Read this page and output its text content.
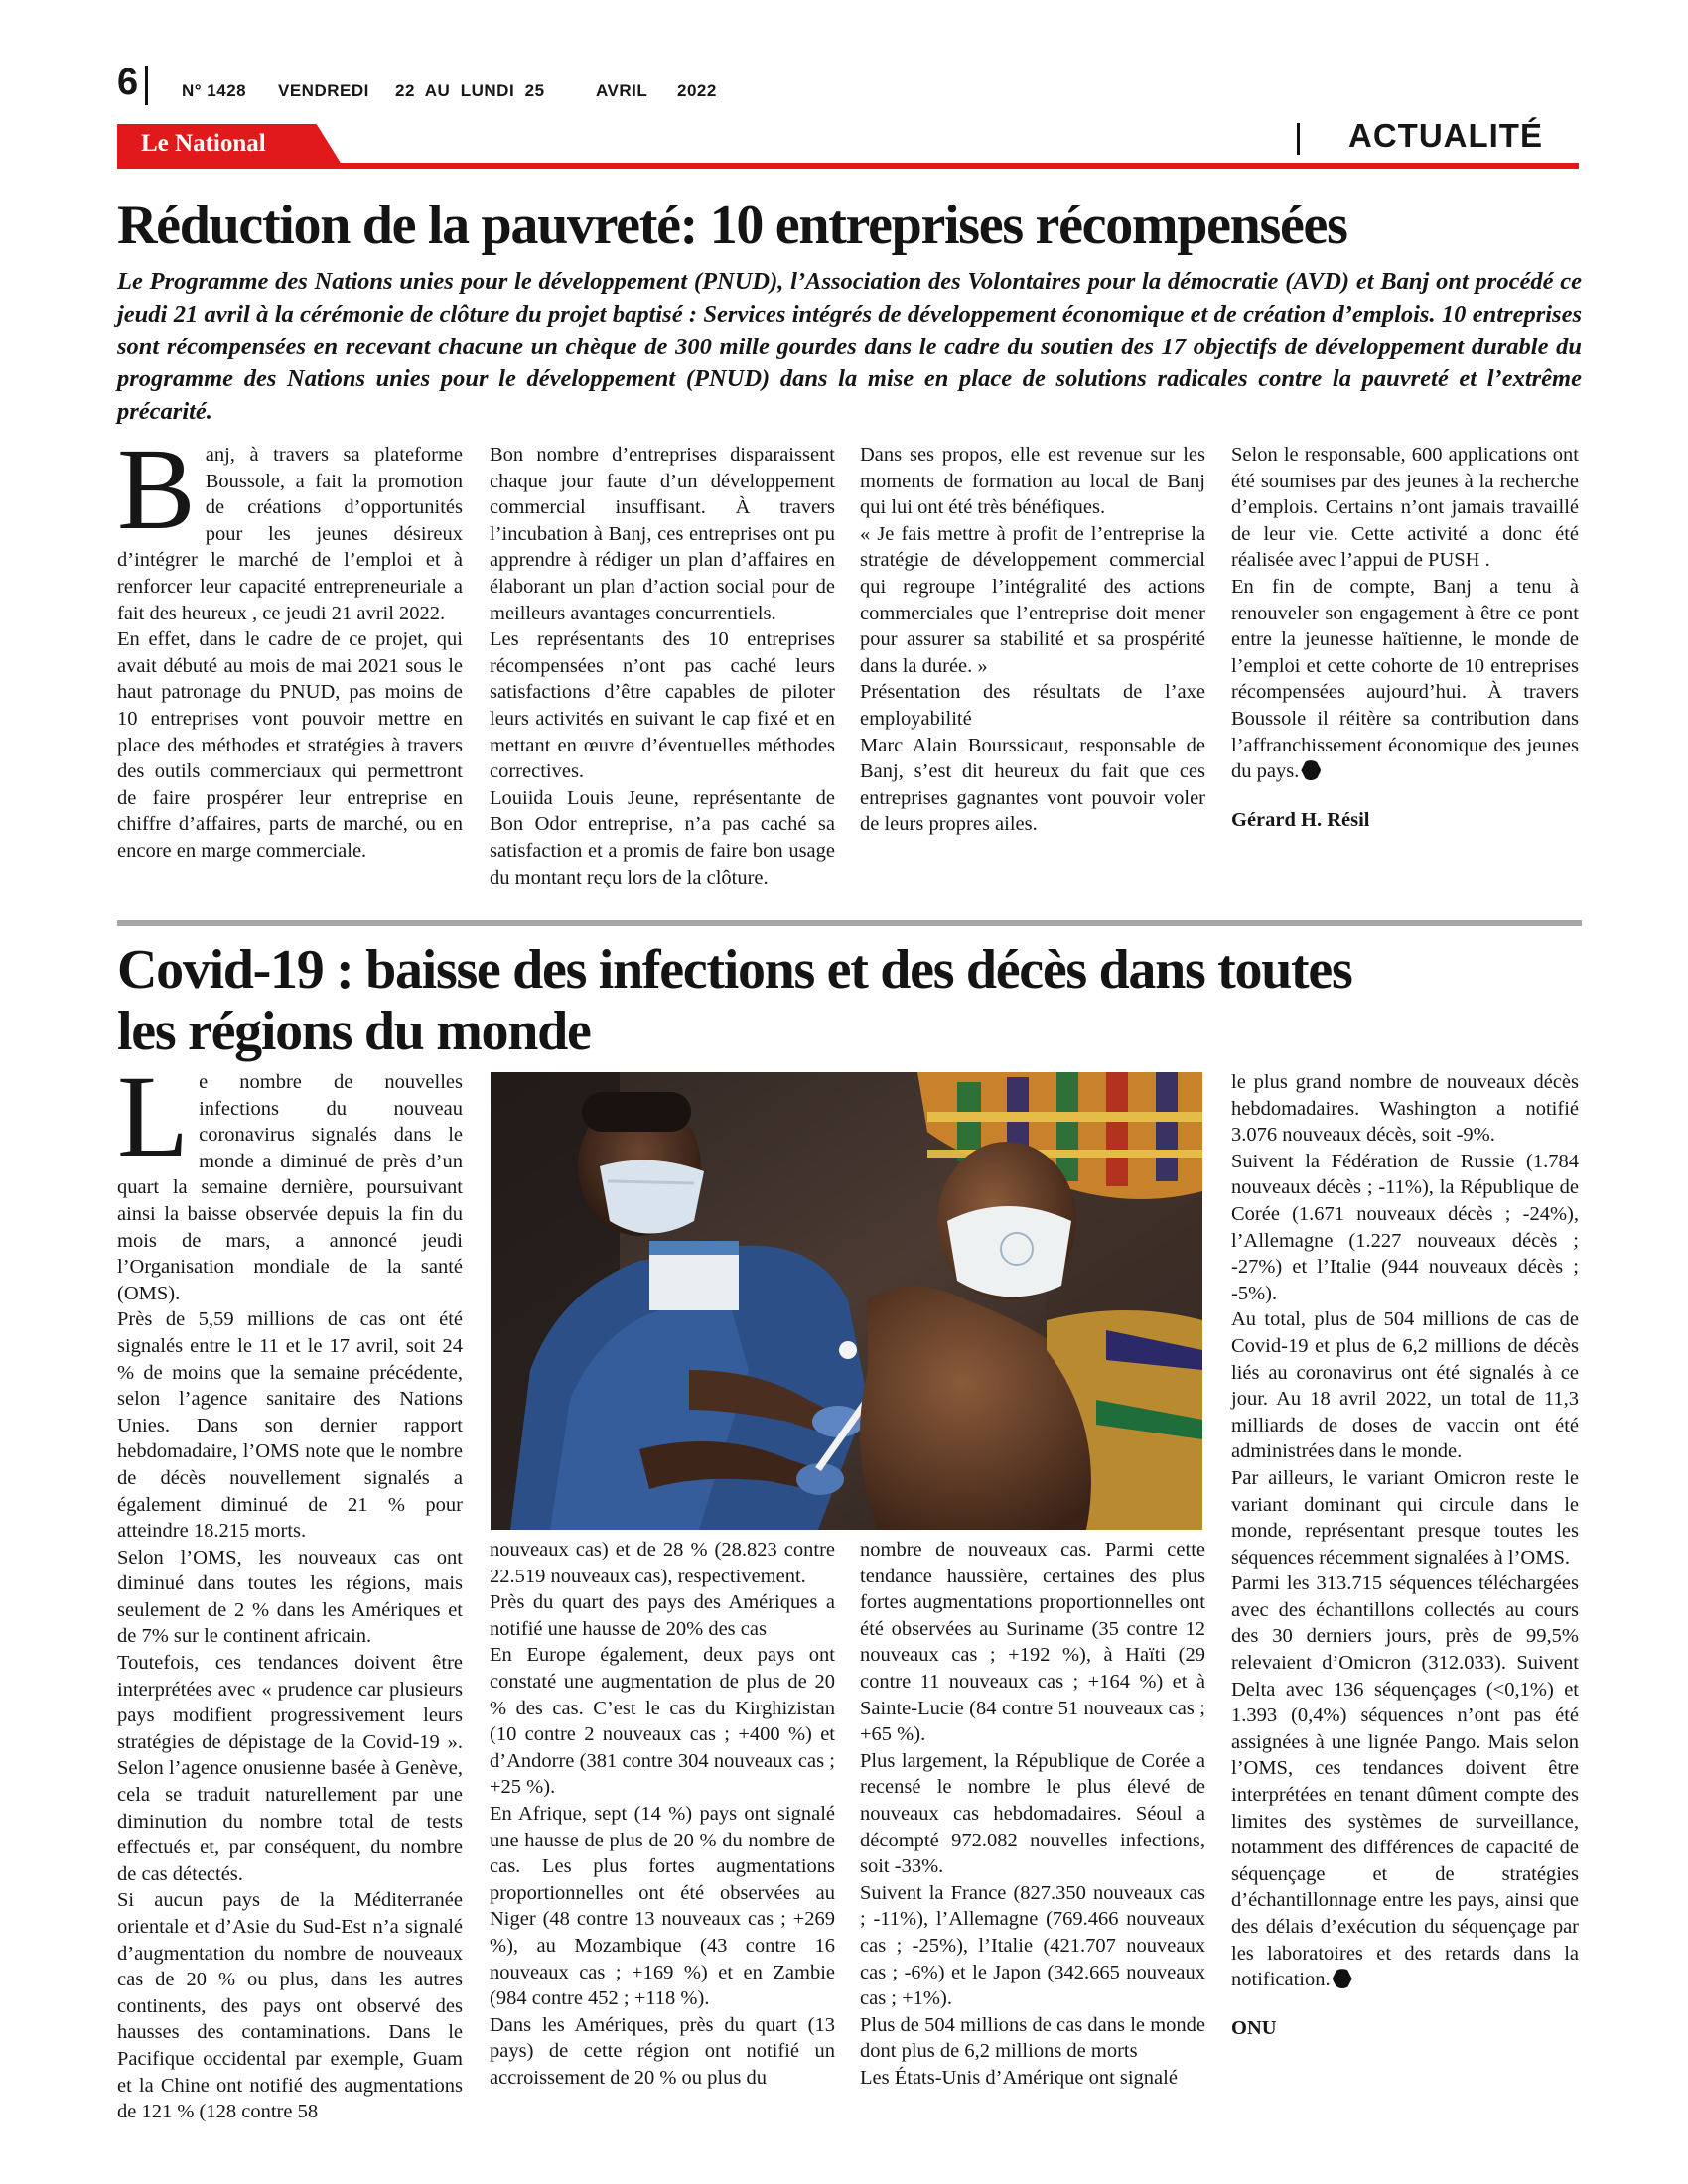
6	N° 1428 VENDREDI 22  AU  LUNDI  25	AVRIL 2022
Le National	ACTUALITÉ
Réduction de la pauvreté: 10 entreprises récompensées
Le Programme des Nations unies pour le développement (PNUD), l’Association des Volontaires pour la démocratie (AVD) et Banj ont procédé ce jeudi 21 avril à la cérémonie de clôture du projet baptisé : Services intégrés de développement économique et de création d’emplois. 10 entreprises sont récompensées en recevant chacune un chèque de 300 mille gourdes dans le cadre du soutien des 17 objectifs de développement durable du programme des Nations unies pour le développement (PNUD) dans la mise en place de solutions radicales contre la pauvreté et l’extrême précarité.
B anj, à travers sa plateforme Boussole, a fait la promotion de créations d’opportunités pour les jeunes désireux d’intégrer le marché de l’emploi et à renforcer leur capacité entrepreneuriale a fait des heureux , ce jeudi 21 avril 2022.

En effet, dans le cadre de ce projet, qui avait débuté au mois de mai 2021 sous le haut patronage du PNUD, pas moins de 10 entreprises vont pouvoir mettre en place des méthodes et stratégies à travers des outils commerciaux qui permettront de faire prospérer leur entreprise en chiffre d’affaires, parts de marché, ou en encore en marge commerciale.

Bon nombre d’entreprises disparaissent chaque jour faute d’un développement commercial insuffisant. À travers l’incubation à Banj, ces entreprises ont pu apprendre à rédiger un plan d’affaires en élaborant un plan d’action social pour de meilleurs avantages concurrentiels.

Les représentants des 10 entreprises récompensées n’ont pas caché leurs satisfactions d’être capables de piloter leurs activités en suivant le cap fixé et en mettant en œuvre d’éventuelles méthodes correctives.

Louiida Louis Jeune, représentante de Bon Odor entreprise, n’a pas caché sa satisfaction et a promis de faire bon usage du montant reçu lors de la clôture.

Dans ses propos, elle est revenue sur les moments de formation au local de Banj qui lui ont été très bénéfiques.

« Je fais mettre à profit de l’entreprise la stratégie de développement commercial qui regroupe l’intégralité des actions commerciales que l’entreprise doit mener pour assurer sa stabilité et sa prospérité dans la durée. »

Présentation des résultats de l’axe employabilité

Marc Alain Bourssicaut, responsable de Banj, s’est dit heureux du fait que ces entreprises gagnantes vont pouvoir voler de leurs propres ailes.

Selon le responsable, 600 applications ont été soumises par des jeunes à la recherche d’emplois. Certains n’ont jamais travaillé de leur vie. Cette activité a donc été réalisée avec l’appui de PUSH .

En fin de compte, Banj a tenu à renouveler son engagement à être ce pont entre la jeunesse haïtienne, le monde de l’emploi et cette cohorte de 10 entreprises récompensées aujourd’hui. À travers Boussole il réitère sa contribution dans l’affranchissement économique des jeunes du pays.

Gérard H. Résil

Covid-19 : baisse des infections et des décès dans toutes les régions du monde
L e nombre de nouvelles infections du nouveau coronavirus signalés dans le monde a diminué de près d’un quart la semaine dernière, poursuivant ainsi la baisse observée depuis la fin du mois de mars, a annoncé jeudi l’Organisation mondiale de la santé (OMS).

Près de 5,59 millions de cas ont été signalés entre le 11 et le 17 avril, soit 24 % de moins que la semaine précédente, selon l’agence sanitaire des Nations Unies. Dans son dernier rapport hebdomadaire, l’OMS note que le nombre de décès nouvellement signalés a également diminué de 21 % pour atteindre 18.215 morts.

Selon l’OMS, les nouveaux cas ont diminué dans toutes les régions, mais seulement de 2 % dans les Amériques et de 7% sur le continent africain.

Toutefois, ces tendances doivent être interprétées avec « prudence car plusieurs pays modifient progressivement leurs stratégies de dépistage de la Covid-19 ». Selon l’agence onusienne basée à Genève, cela se traduit naturellement par une diminution du nombre total de tests effectués et, par conséquent, du nombre de cas détectés.

Si aucun pays de la Méditerranée orientale et d’Asie du Sud-Est n’a signalé d’augmentation du nombre de nouveaux cas de 20 % ou plus, dans les autres continents, des pays ont observé des hausses des contaminations. Dans le Pacifique occidental par exemple, Guam et la Chine ont notifié des augmentations de 121 % (128 contre 58

nouveaux cas) et de 28 % (28.823 contre 22.519 nouveaux cas), respectivement.

Près du quart des pays des Amériques a notifié une hausse de 20% des cas

En Europe également, deux pays ont constaté une augmentation de plus de 20 % des cas. C’est le cas du Kirghizistan (10 contre 2 nouveaux cas ; +400 %) et d’Andorre (381 contre 304 nouveaux cas ; +25 %).

En Afrique, sept (14 %) pays ont signalé une hausse de plus de 20 % du nombre de cas. Les plus fortes augmentations proportionnelles ont été observées au Niger (48 contre 13 nouveaux cas ; +269 %), au Mozambique (43 contre 16 nouveaux cas ; +169 %) et en Zambie (984 contre 452 ; +118 %).

Dans les Amériques, près du quart (13 pays) de cette région ont notifié un accroissement de 20 % ou plus du

nombre de nouveaux cas. Parmi cette tendance haussière, certaines des plus fortes augmentations proportionnelles ont été observées au Suriname (35 contre 12 nouveaux cas ; +192 %), à Haïti (29 contre 11 nouveaux cas ; +164 %) et à Sainte-Lucie (84 contre 51 nouveaux cas ; +65 %).

Plus largement, la République de Corée a recensé le nombre le plus élevé de nouveaux cas hebdomadaires. Séoul a décompté 972.082 nouvelles infections, soit -33%.

Suivent la France (827.350 nouveaux cas ; -11%), l’Allemagne (769.466 nouveaux cas ; -25%), l’Italie (421.707 nouveaux cas ; -6%) et le Japon (342.665 nouveaux cas ; +1%).

Plus de 504 millions de cas dans le monde dont plus de 6,2 millions de morts

Les États-Unis d’Amérique ont signalé

le plus grand nombre de nouveaux décès hebdomadaires. Washington a notifié 3.076 nouveaux décès, soit -9%.

Suivent la Fédération de Russie (1.784 nouveaux décès ; -11%), la République de Corée (1.671 nouveaux décès ; -24%), l’Allemagne (1.227 nouveaux décès ; -27%) et l’Italie (944 nouveaux décès ; -5%).

Au total, plus de 504 millions de cas de Covid-19 et plus de 6,2 millions de décès liés au coronavirus ont été signalés à ce jour. Au 18 avril 2022, un total de 11,3 milliards de doses de vaccin ont été administrées dans le monde.

Par ailleurs, le variant Omicron reste le variant dominant qui circule dans le monde, représentant presque toutes les séquences récemment signalées à l’OMS.

Parmi les 313.715 séquences téléchargées avec des échantillons collectés au cours des 30 derniers jours, près de 99,5% relevaient d’Omicron (312.033). Suivent Delta avec 136 séquençages (<0,1%) et 1.393 (0,4%) séquences n’ont pas été assignées à une lignée Pango. Mais selon l’OMS, ces tendances doivent être interprétées en tenant dûment compte des limites des systèmes de surveillance, notamment des différences de capacité de séquençage et de stratégies d’échantillonnage entre les pays, ainsi que des délais d’exécution du séquençage par les laboratoires et des retards dans la notification.

ONU
